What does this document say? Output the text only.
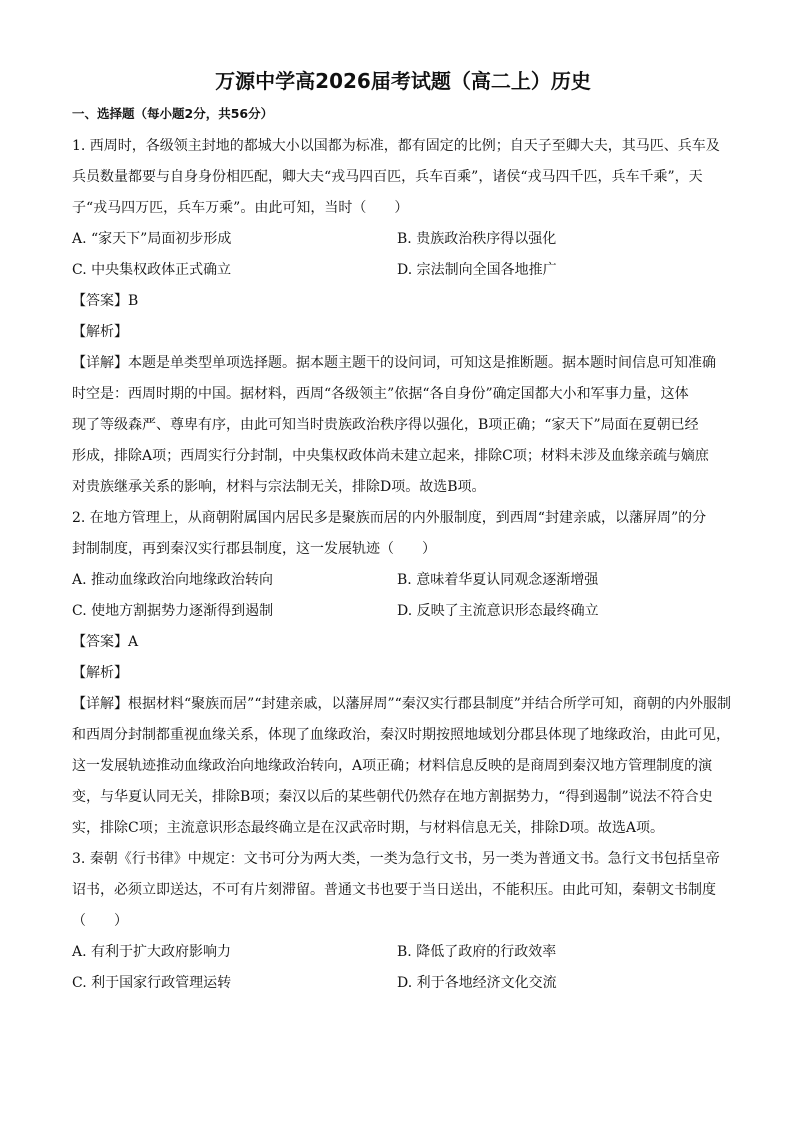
万源中学高2026届考试题（高二上）历史
一、选择题（每小题2分，共56分）

1. 西周时，各级领主封地的都城大小以国都为标准，都有固定的比例；自天子至卿大夫，其马匹、兵车及

兵员数量都要与自身身份相匹配，卿大夫“戎马四百匹，兵车百乘”，诸侯“戎马四千匹，兵车千乘”，天

子“戎马四万匹，兵车万乘”。由此可知，当时（　　）

A. “家天下”局面初步形成	B. 贵族政治秩序得以强化
C. 中央集权政体正式确立	D. 宗法制向全国各地推广
【答案】B
【解析】

【详解】本题是单类型单项选择题。据本题主题干的设问词，可知这是推断题。据本题时间信息可知准确

时空是：西周时期的中国。据材料，西周“各级领主”依据“各自身份”确定国都大小和军事力量，这体

现了等级森严、尊卑有序，由此可知当时贵族政治秩序得以强化，B项正确；“家天下”局面在夏朝已经

形成，排除A项；西周实行分封制，中央集权政体尚未建立起来，排除C项；材料未涉及血缘亲疏与嫡庶

对贵族继承关系的影响，材料与宗法制无关，排除D项。故选B项。

2. 在地方管理上，从商朝附属国内居民多是聚族而居的内外服制度，到西周“封建亲戚，以藩屏周”的分

封制制度，再到秦汉实行郡县制度，这一发展轨迹（　　）

A. 推动血缘政治向地缘政治转向	B. 意味着华夏认同观念逐渐增强
C. 使地方割据势力逐渐得到遏制	D. 反映了主流意识形态最终确立
【答案】A
【解析】

【详解】根据材料“聚族而居”“封建亲戚，以藩屏周”“秦汉实行郡县制度”并结合所学可知，商朝的内外服制

和西周分封制都重视血缘关系，体现了血缘政治，秦汉时期按照地域划分郡县体现了地缘政治，由此可见，

这一发展轨迹推动血缘政治向地缘政治转向，A项正确；材料信息反映的是商周到秦汉地方管理制度的演

变，与华夏认同无关，排除B项；秦汉以后的某些朝代仍然存在地方割据势力，“得到遏制”说法不符合史

实，排除C项；主流意识形态最终确立是在汉武帝时期，与材料信息无关，排除D项。故选A项。

3. 秦朝《行书律》中规定：文书可分为两大类，一类为急行文书，另一类为普通文书。急行文书包括皇帝

诏书，必须立即送达，不可有片刻滞留。普通文书也要于当日送出，不能积压。由此可知，秦朝文书制度

（　　）

A. 有利于扩大政府影响力	B. 降低了政府的行政效率
C. 利于国家行政管理运转	D. 利于各地经济文化交流
